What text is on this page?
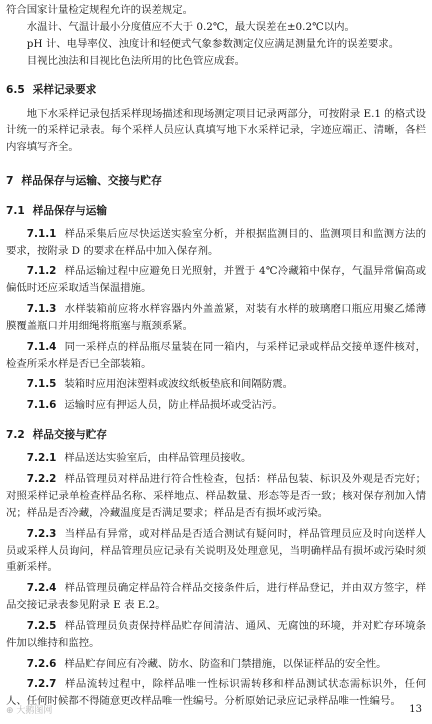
符合国家计量检定规程允许的误差规定。

水温计、气温计最小分度值应不大于 0.2℃，最大误差在±0.2℃以内。

pH 计、电导率仪、浊度计和轻便式气象参数测定仪应满足测量允许的误差要求。

目视比浊法和目视比色法所用的比色管应成套。

6.5 采样记录要求

地下水采样记录包括采样现场描述和现场测定项目记录两部分，可按附录 E.1 的格式设计统一的采样记录表。每个采样人员应认真填写地下水采样记录，字迹应端正、清晰，各栏内容填写齐全。

7 样品保存与运输、交接与贮存
7.1 样品保存与运输

7.1.1 样品采集后应尽快运送实验室分析，并根据监测目的、监测项目和监测方法的要求，按附录 D 的要求在样品中加入保存剂。

7.1.2 样品运输过程中应避免日光照射，并置于 4℃冷藏箱中保存，气温异常偏高或偏低时还应采取适当保温措施。

7.1.3 水样装箱前应将水样容器内外盖盖紧，对装有水样的玻璃磨口瓶应用聚乙烯薄膜覆盖瓶口并用细绳将瓶塞与瓶颈系紧。

7.1.4 同一采样点的样品瓶尽量装在同一箱内，与采样记录或样品交接单逐件核对，检查所采水样是否已全部装箱。

7.1.5 装箱时应用泡沫塑料或波纹纸板垫底和间隔防震。

7.1.6 运输时应有押运人员，防止样品损坏或受沾污。

7.2 样品交接与贮存

7.2.1 样品送达实验室后，由样品管理员接收。

7.2.2 样品管理员对样品进行符合性检查，包括：样品包装、标识及外观是否完好；对照采样记录单检查样品名称、采样地点、样品数量、形态等是否一致；核对保存剂加入情况；样品是否冷藏，冷藏温度是否满足要求；样品是否有损坏或污染。

7.2.3 当样品有异常，或对样品是否适合测试有疑问时，样品管理员应及时向送样人员或采样人员询问，样品管理员应记录有关说明及处理意见，当明确样品有损坏或污染时须重新采样。

7.2.4 样品管理员确定样品符合样品交接条件后，进行样品登记，并由双方签字，样品交接记录表参见附录 E 表 E.2。

7.2.5 样品管理员负责保持样品贮存间清洁、通风、无腐蚀的环境，并对贮存环境条件加以维持和监控。

7.2.6 样品贮存间应有冷藏、防水、防盗和门禁措施，以保证样品的安全性。

7.2.7 样品流转过程中，除样品唯一性标识需转移和样品测试状态需标识外，任何人、任何时候都不得随意更改样品唯一性编号。分析原始记录应记录样品唯一性编号。

⊕ 大鹅图网	13
